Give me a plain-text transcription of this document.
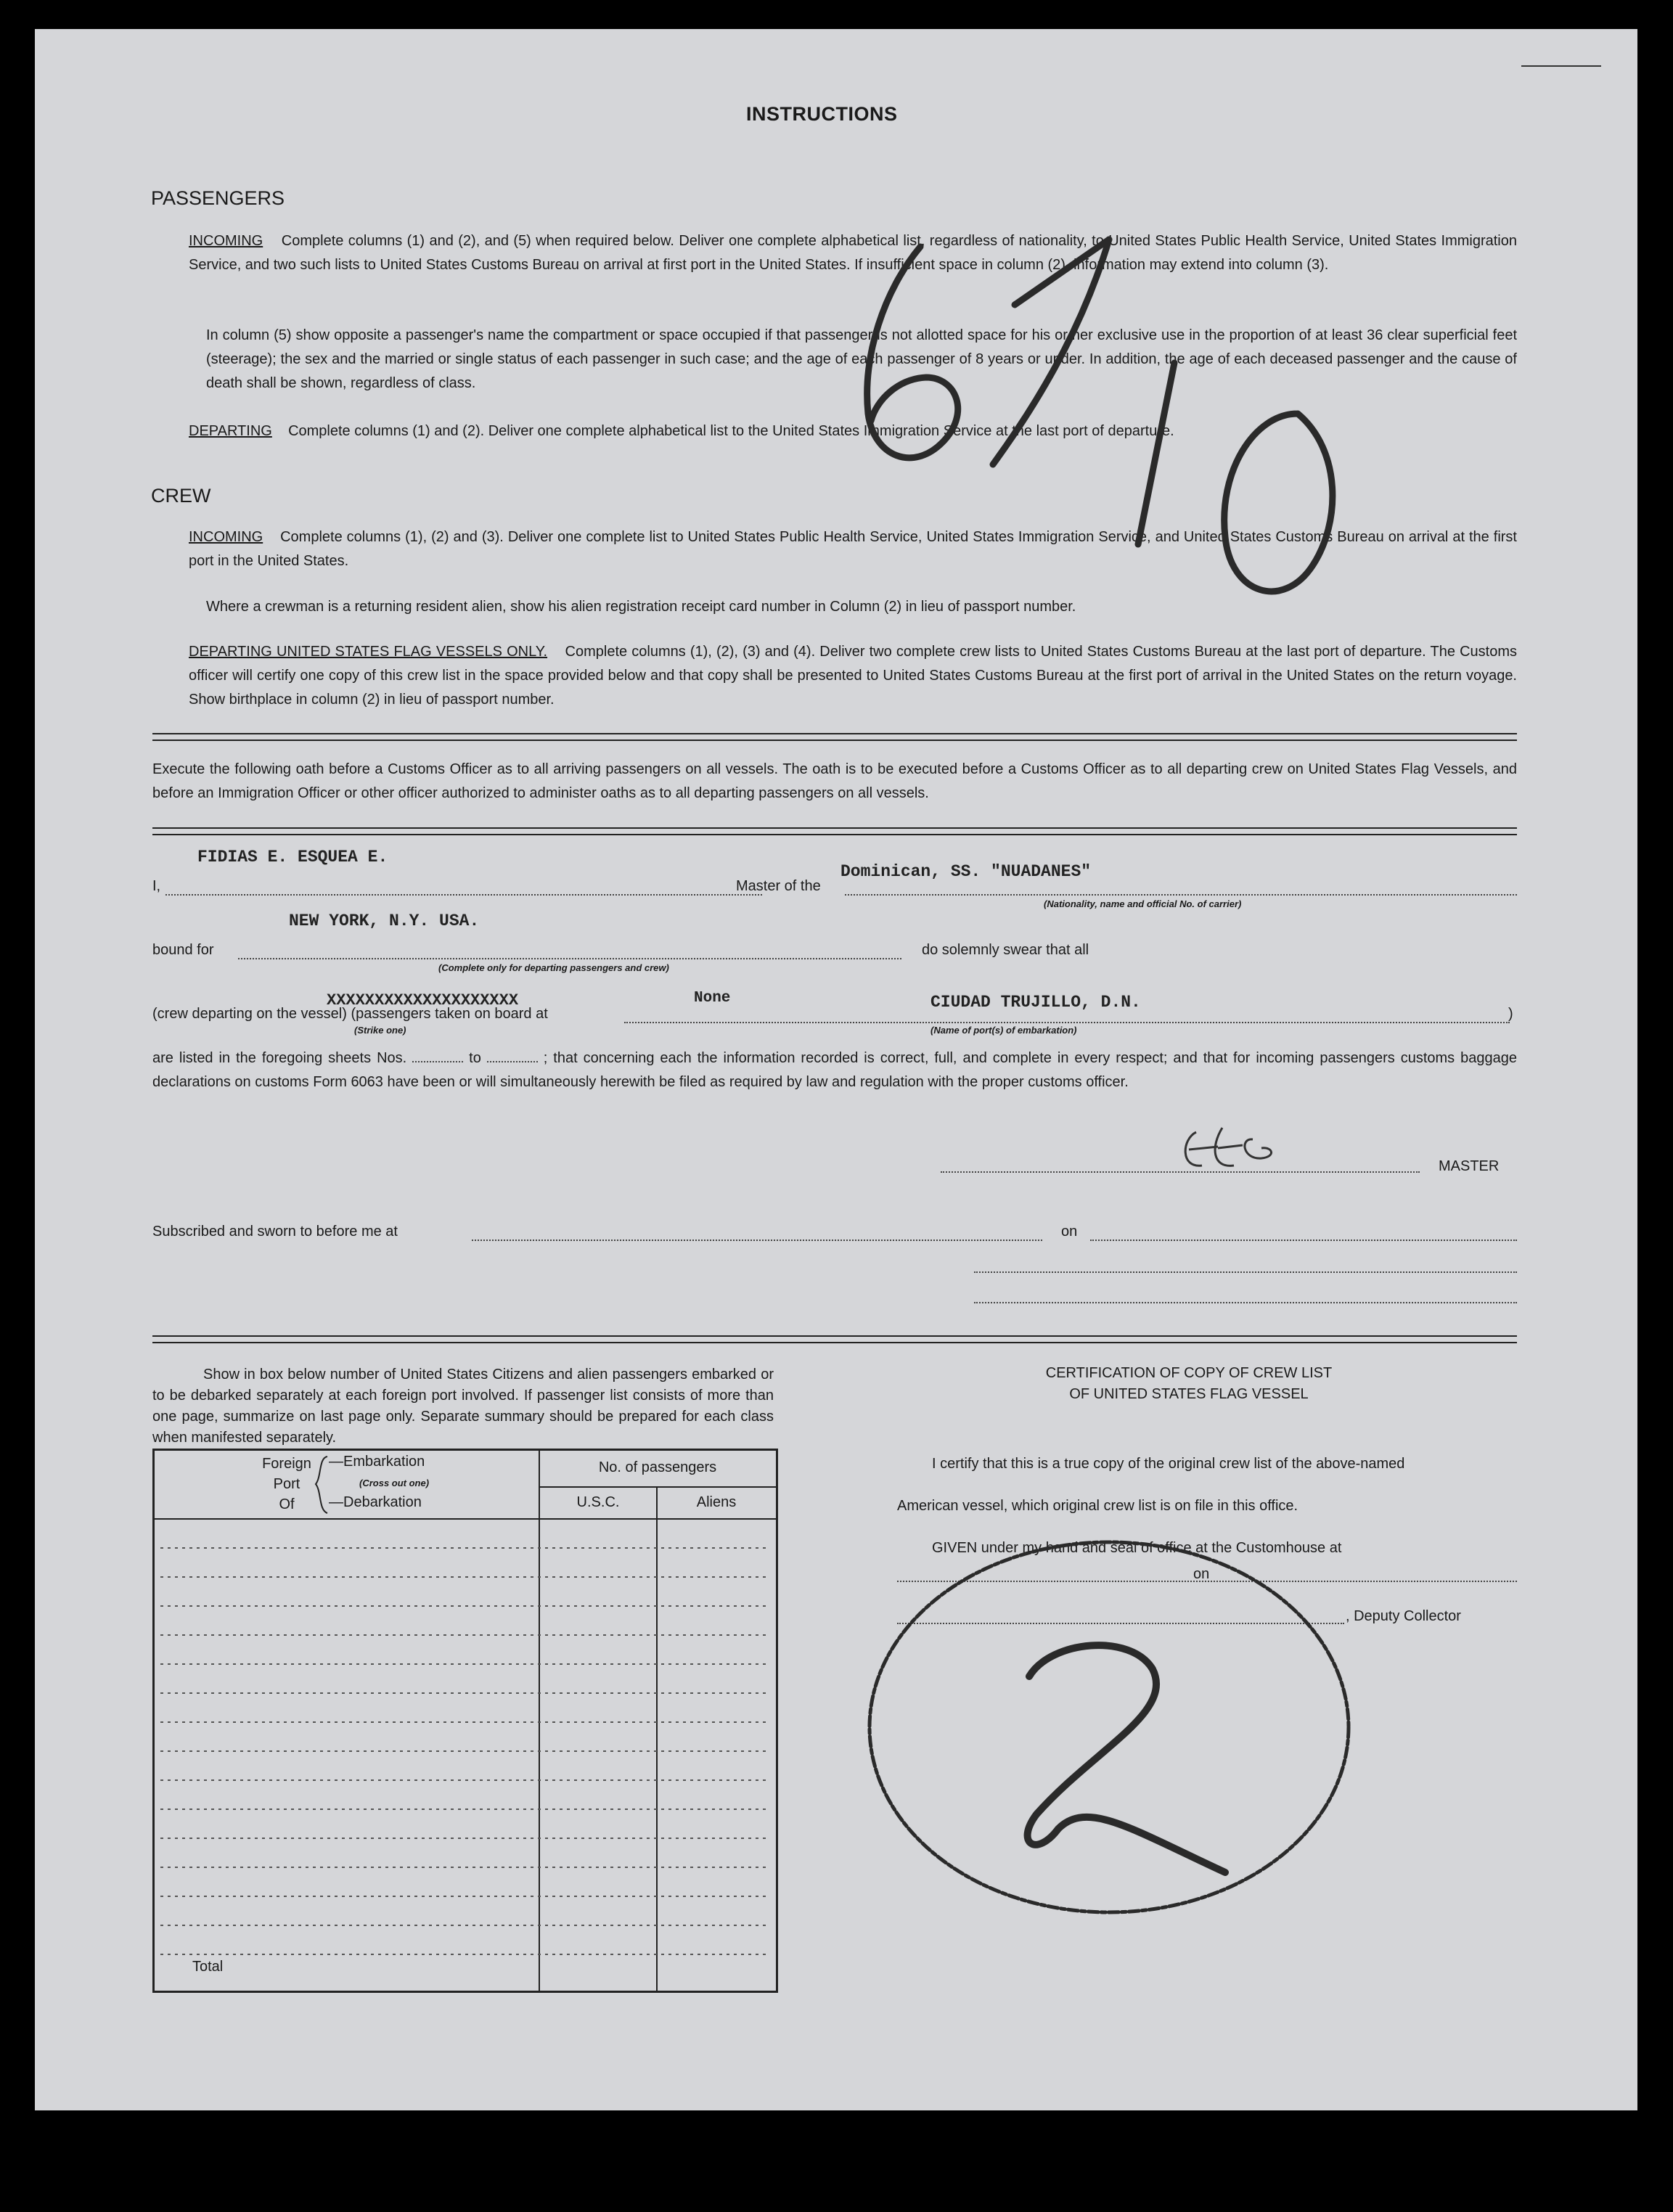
INSTRUCTIONS
PASSENGERS
INCOMING Complete columns (1) and (2), and (5) when required below. Deliver one complete alphabetical list, regardless of nationality, to United States Public Health Service, United States Immigration Service, and two such lists to United States Customs Bureau on arrival at first port in the United States. If insufficient space in column (2), information may extend into column (3).
In column (5) show opposite a passenger's name the compartment or space occupied if that passenger is not allotted space for his or her exclusive use in the proportion of at least 36 clear superficial feet (steerage); the sex and the married or single status of each passenger in such case; and the age of each passenger of 8 years or under. In addition, the age of each deceased passenger and the cause of death shall be shown, regardless of class.
DEPARTING Complete columns (1) and (2). Deliver one complete alphabetical list to the United States Immigration Service at the last port of departure.
CREW
INCOMING Complete columns (1), (2) and (3). Deliver one complete list to United States Public Health Service, United States Immigration Service, and United States Customs Bureau on arrival at the first port in the United States.
Where a crewman is a returning resident alien, show his alien registration receipt card number in Column (2) in lieu of passport number.
DEPARTING UNITED STATES FLAG VESSELS ONLY. Complete columns (1), (2), (3) and (4). Deliver two complete crew lists to United States Customs Bureau at the last port of departure. The Customs officer will certify one copy of this crew list in the space provided below and that copy shall be presented to United States Customs Bureau at the first port of arrival in the United States on the return voyage. Show birthplace in column (2) in lieu of passport number.
Execute the following oath before a Customs Officer as to all arriving passengers on all vessels. The oath is to be executed before a Customs Officer as to all departing crew on United States Flag Vessels, and before an Immigration Officer or other officer authorized to administer oaths as to all departing passengers on all vessels.
FIDIAS E. ESQUEA E.
I,	Master of the
Dominican, SS. "NUADANES"
(Nationality, name and official No. of carrier)
NEW YORK, N.Y. USA.
bound for
(Complete only for departing passengers and crew)
do solemnly swear that all
XXXXXXXXXXXXXXXXXXXX	None	CIUDAD TRUJILLO, D.N.
(crew departing on the vessel) (passengers taken on board at	)
(Strike one)	(Name of port(s) of embarkation)
are listed in the foregoing sheets Nos.	to	; that concerning each the information recorded is correct, full, and complete in every respect; and that for incoming passengers customs baggage declarations on customs Form 6063 have been or will simultaneously herewith be filed as required by law and regulation with the proper customs officer.
MASTER
Subscribed and sworn to before me at	on
Show in box below number of United States Citizens and alien passengers embarked or to be debarked separately at each foreign port involved. If passenger list consists of more than one page, summarize on last page only. Separate summary should be prepared for each class when manifested separately.
Foreign
Port
Of
—Embarkation
(Cross out one)
—Debarkation
No. of passengers
U.S.C.	Aliens
Total
CERTIFICATION OF COPY OF CREW LIST
OF UNITED STATES FLAG VESSEL
I certify that this is a true copy of the original crew list of the above-named
American vessel, which original crew list is on file in this office.
GIVEN under my hand and seal of office at the Customhouse at
on
, Deputy Collector
